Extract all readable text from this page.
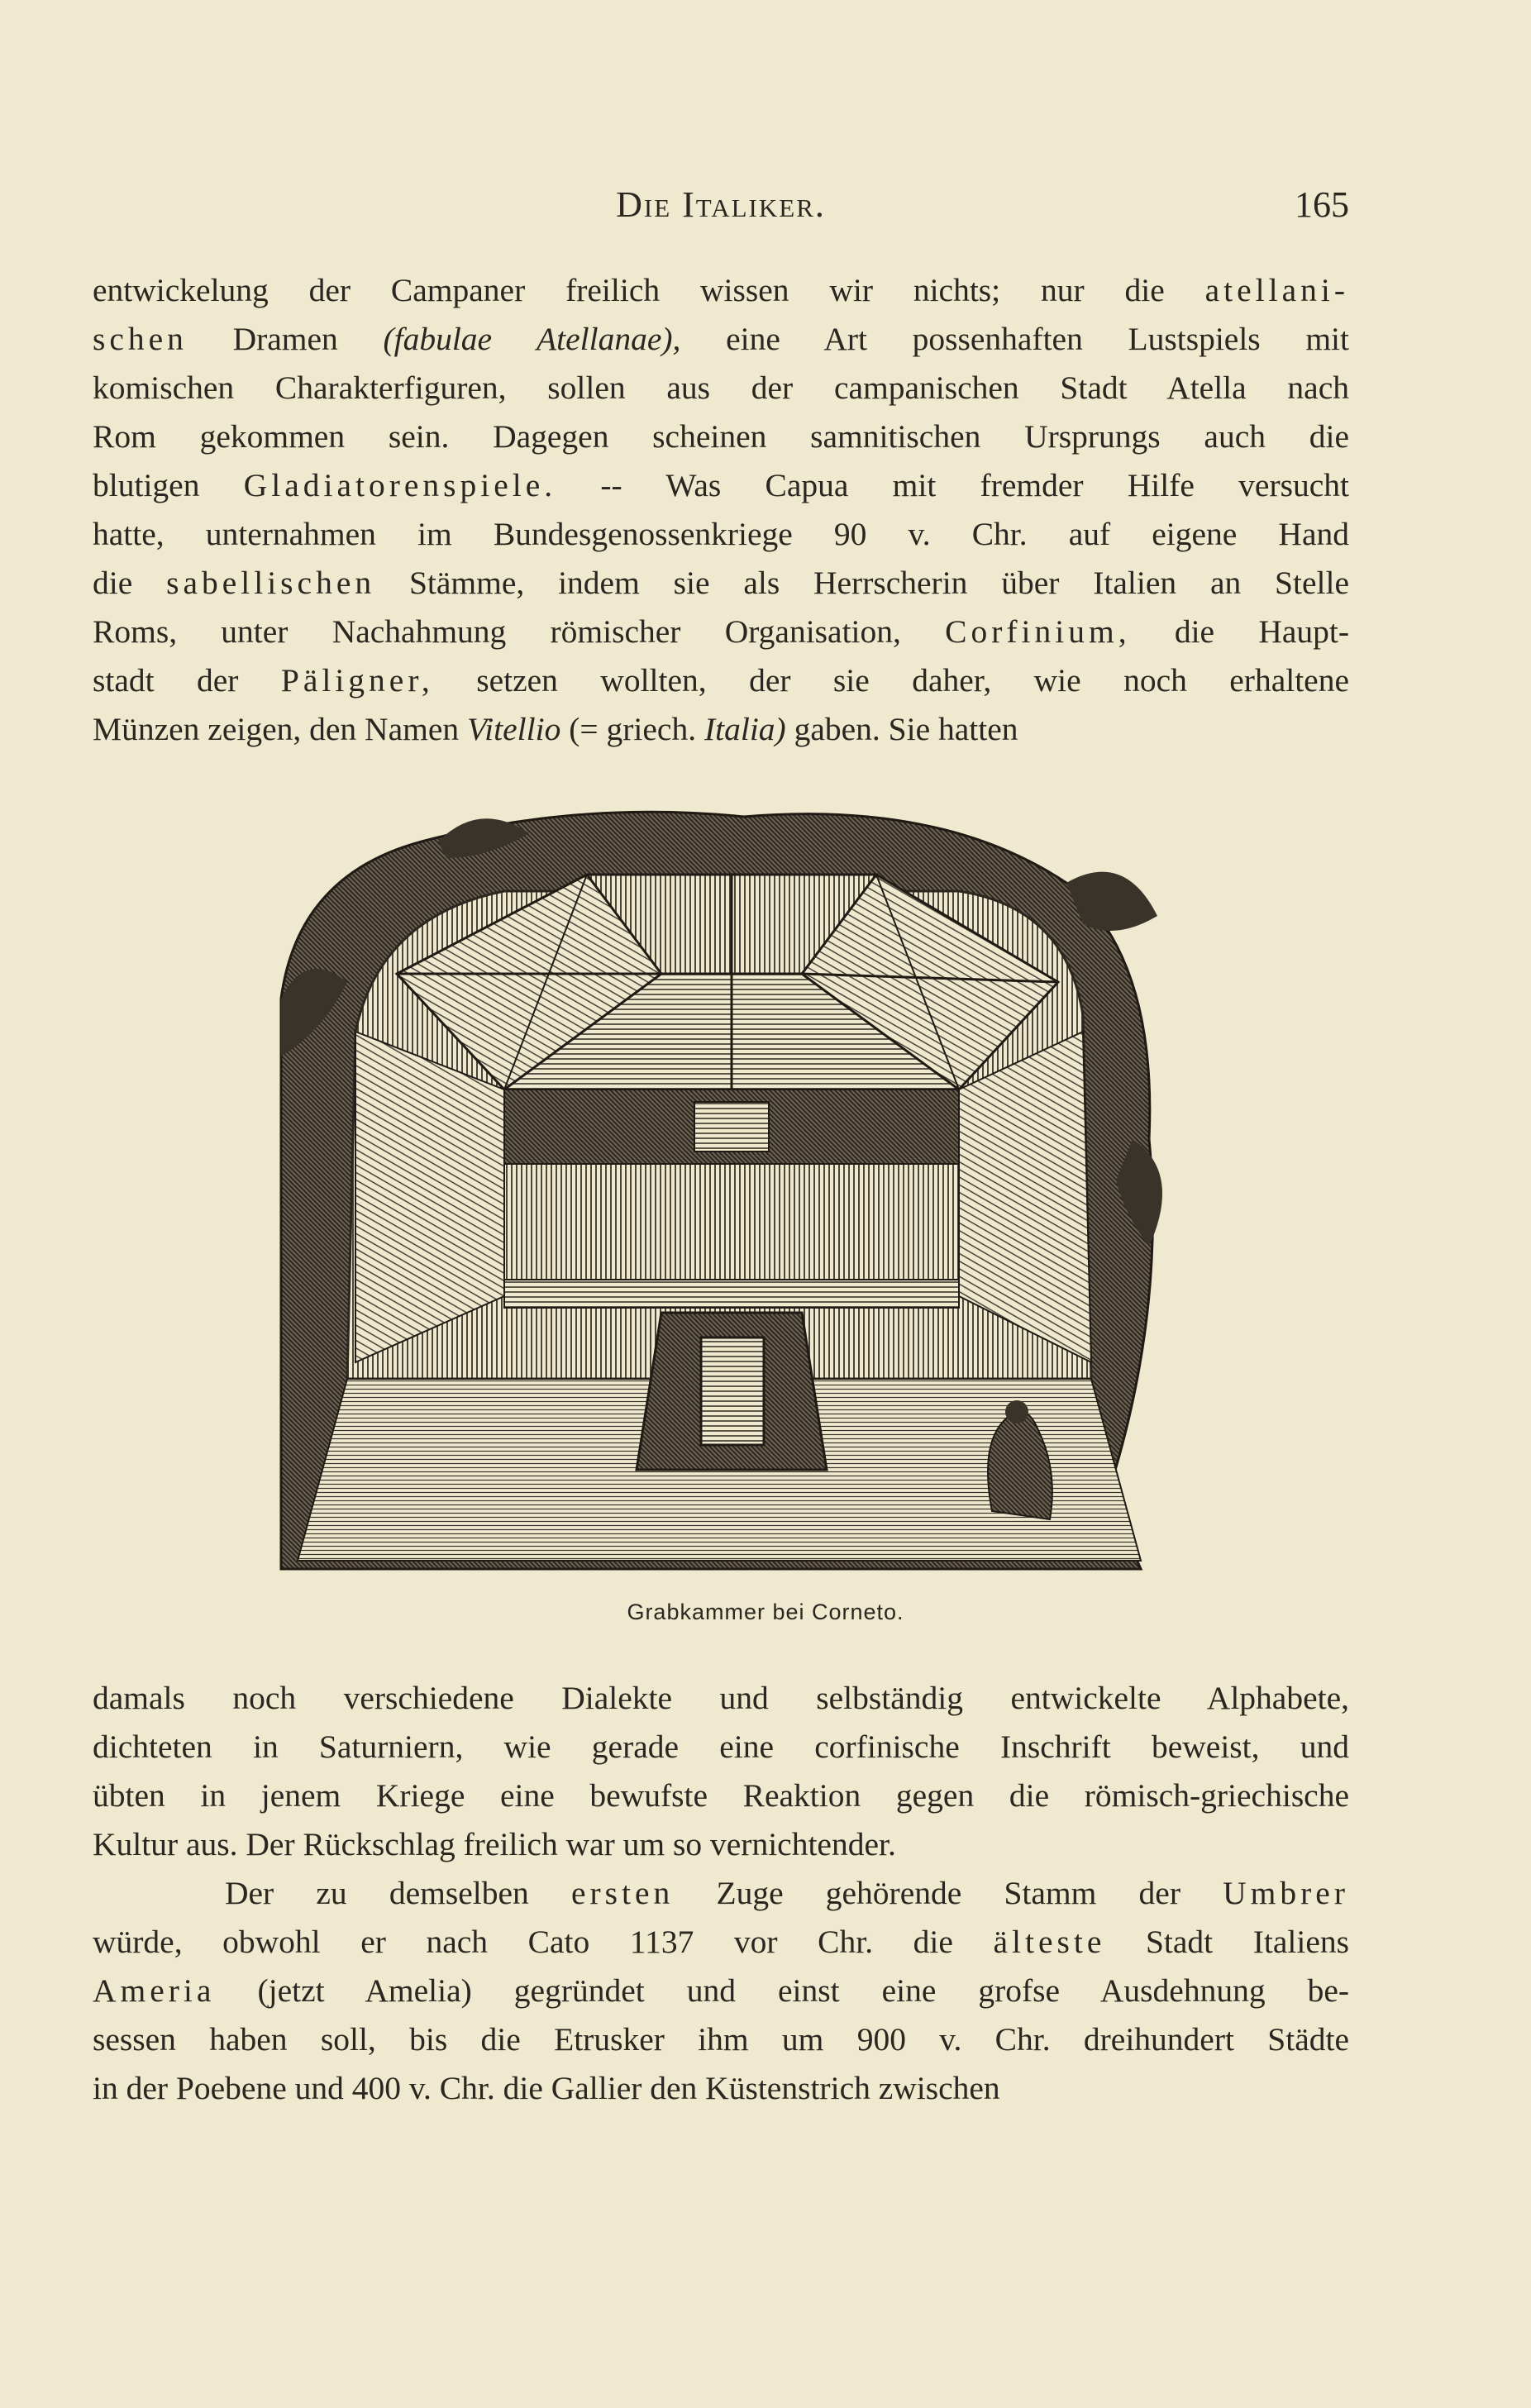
Die Italiker.	165
entwickelung der Campaner freilich wissen wir nichts; nur die atellani-
schen Dramen (fabulae Atellanae), eine Art possenhaften Lustspiels mit
komischen Charakterfiguren, sollen aus der campanischen Stadt Atella nach
Rom gekommen sein. Dagegen scheinen samnitischen Ursprungs auch die
blutigen Gladiatorenspiele. -- Was Capua mit fremder Hilfe versucht
hatte, unternahmen im Bundesgenossenkriege 90 v. Chr. auf eigene Hand
die sabellischen Stämme, indem sie als Herrscherin über Italien an Stelle
Roms, unter Nachahmung römischer Organisation, Corfinium, die Haupt-
stadt der Päligner, setzen wollten, der sie daher, wie noch erhaltene
Münzen zeigen, den Namen Vitellio (= griech. Italia) gaben. Sie hatten
Grabkammer bei Corneto.
damals noch verschiedene Dialekte und selbständig entwickelte Alphabete,
dichteten in Saturniern, wie gerade eine corfinische Inschrift beweist, und
übten in jenem Kriege eine bewufste Reaktion gegen die römisch-griechische
Kultur aus. Der Rückschlag freilich war um so vernichtender.
Der zu demselben ersten Zuge gehörende Stamm der Umbrer
würde, obwohl er nach Cato 1137 vor Chr. die älteste Stadt Italiens
Ameria (jetzt Amelia) gegründet und einst eine grofse Ausdehnung be-
sessen haben soll, bis die Etrusker ihm um 900 v. Chr. dreihundert Städte
in der Poebene und 400 v. Chr. die Gallier den Küstenstrich zwischen
